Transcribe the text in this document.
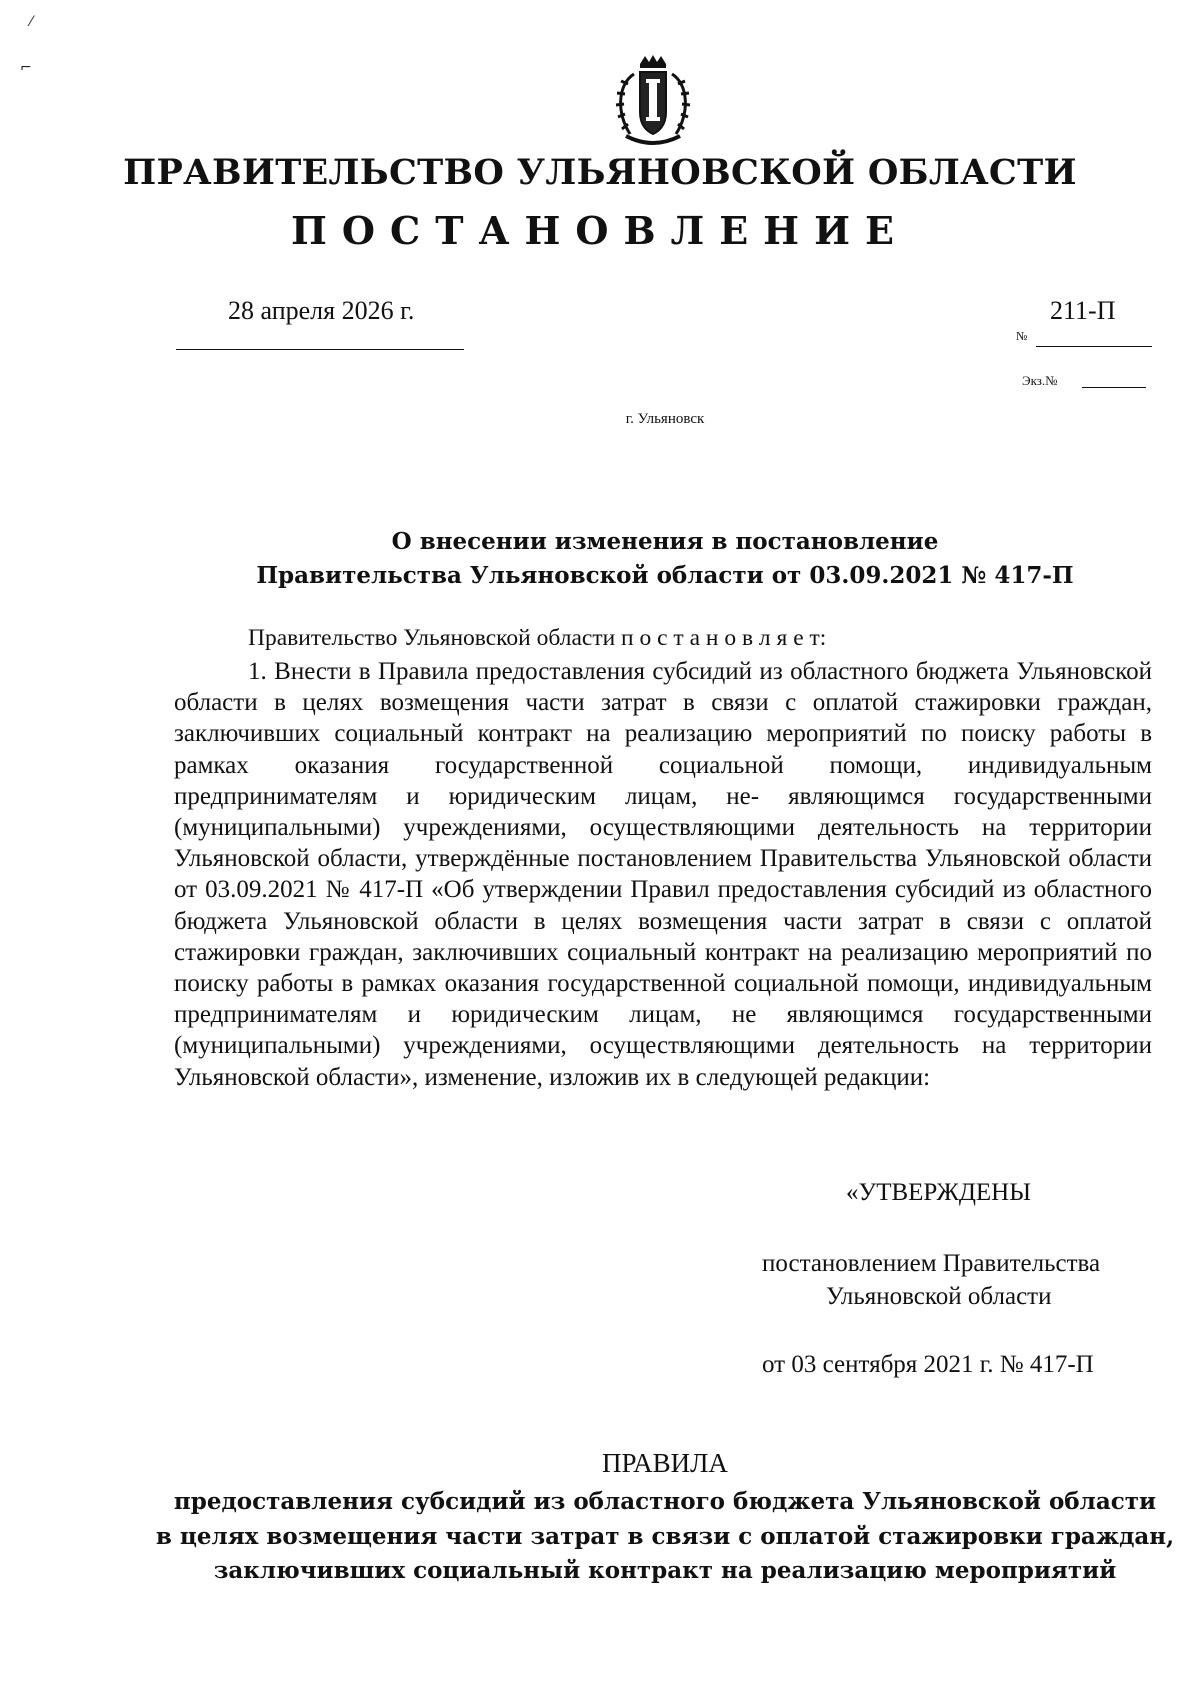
⁄
⌐
ПРАВИТЕЛЬСТВО УЛЬЯНОВСКОЙ ОБЛАСТИ
ПОСТАНОВЛЕНИЕ
28 апреля 2026 г.	211-П
№
Экз.№
г. Ульяновск
О внесении изменения в постановление
Правительства Ульяновской области от 03.09.2021 № 417-П
Правительство Ульяновской области п о с т а н о в л я е т:
1. Внести в Правила предоставления субсидий из областного бюджета Ульяновской области в целях возмещения части затрат в связи с оплатой стажировки граждан, заключивших социальный контракт на реализацию мероприятий по поиску работы в рамках оказания государственной социальной помощи, индивидуальным предпринимателям и юридическим лицам, не- являющимся государственными (муниципальными) учреждениями, осуществляющими деятельность на территории Ульяновской области, утверждённые постановлением Правительства Ульяновской области от 03.09.2021 № 417-П «Об утверждении Правил предоставления субсидий из областного бюджета Ульяновской области в целях возмещения части затрат в связи с оплатой стажировки граждан, заключивших социальный контракт на реализацию мероприятий по поиску работы в рамках оказания государственной социальной помощи, индивидуальным предпринимателям и юридическим лицам, не являющимся государственными (муниципальными) учреждениями, осуществляющими деятельность на территории Ульяновской области», изменение, изложив их в следующей редакции:
«УТВЕРЖДЕНЫ
постановлением Правительства
Ульяновской области
от 03 сентября 2021 г. № 417-П
ПРАВИЛА
предоставления субсидий из областного бюджета Ульяновской области
в целях возмещения части затрат в связи с оплатой стажировки граждан,
заключивших социальный контракт на реализацию мероприятий
